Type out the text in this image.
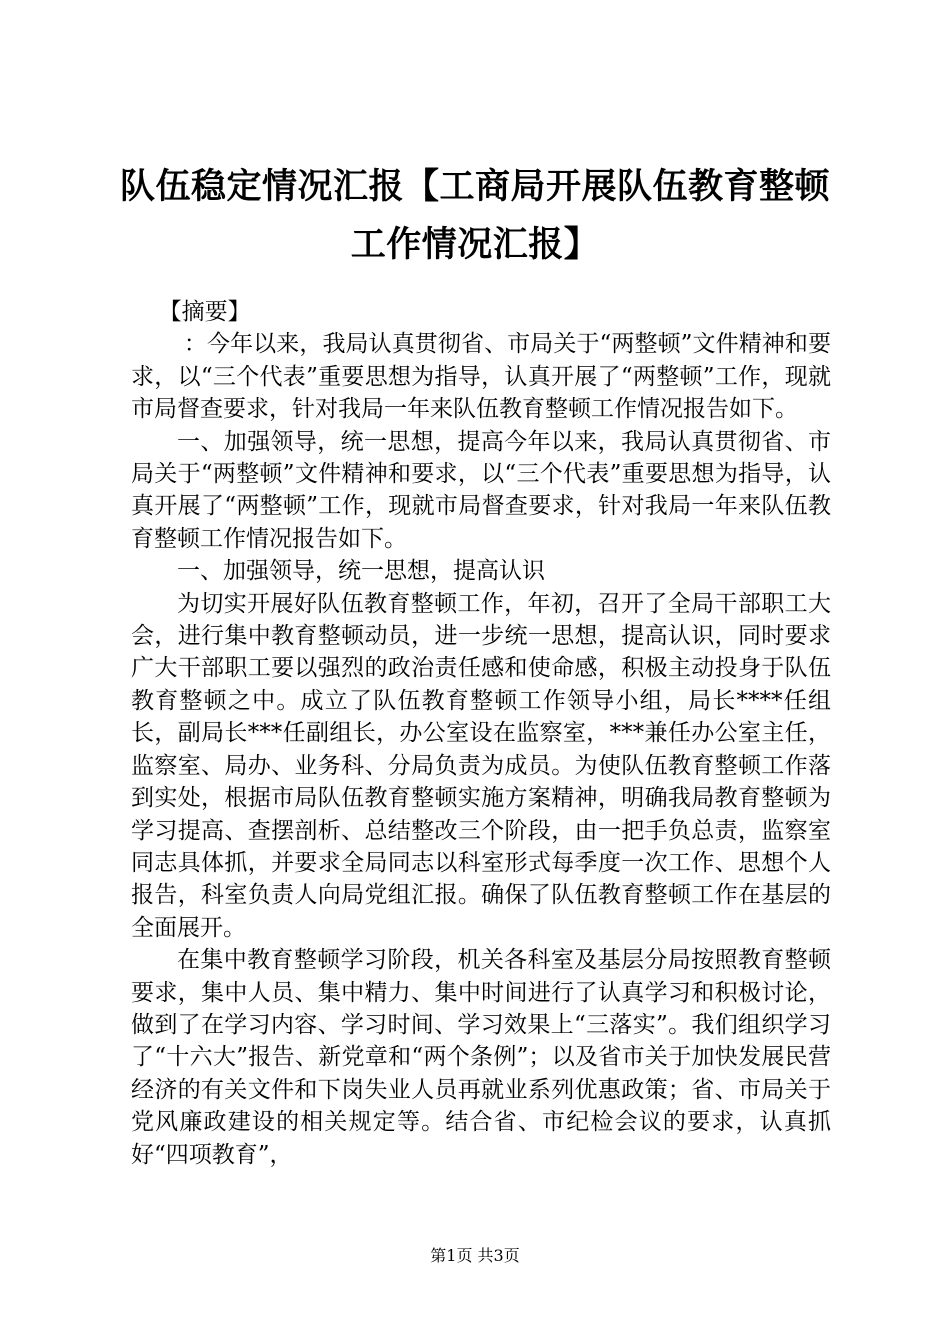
队伍稳定情况汇报【工商局开展队伍教育整顿
工作情况汇报】

【摘要】

：今年以来，我局认真贯彻省、市局关于“两整顿”文件精神和要求，以“三个代表”重要思想为指导，认真开展了“两整顿”工作，现就市局督查要求，针对我局一年来队伍教育整顿工作情况报告如下。

一、加强领导，统一思想，提高今年以来，我局认真贯彻省、市局关于“两整顿”文件精神和要求，以“三个代表”重要思想为指导，认真开展了“两整顿”工作，现就市局督查要求，针对我局一年来队伍教育整顿工作情况报告如下。

一、加强领导，统一思想，提高认识

为切实开展好队伍教育整顿工作，年初，召开了全局干部职工大会，进行集中教育整顿动员，进一步统一思想，提高认识，同时要求广大干部职工要以强烈的政治责任感和使命感，积极主动投身于队伍教育整顿之中。成立了队伍教育整顿工作领导小组，局长****任组长，副局长***任副组长，办公室设在监察室，***兼任办公室主任，监察室、局办、业务科、分局负责为成员。为使队伍教育整顿工作落到实处，根据市局队伍教育整顿实施方案精神，明确我局教育整顿为学习提高、查摆剖析、总结整改三个阶段，由一把手负总责，监察室同志具体抓，并要求全局同志以科室形式每季度一次工作、思想个人报告，科室负责人向局党组汇报。确保了队伍教育整顿工作在基层的全面展开。

在集中教育整顿学习阶段，机关各科室及基层分局按照教育整顿要求，集中人员、集中精力、集中时间进行了认真学习和积极讨论，做到了在学习内容、学习时间、学习效果上“三落实”。我们组织学习了“十六大”报告、新党章和“两个条例”；以及省市关于加快发展民营经济的有关文件和下岗失业人员再就业系列优惠政策；省、市局关于党风廉政建设的相关规定等。结合省、市纪检会议的要求，认真抓好“四项教育”，

第1页 共3页
